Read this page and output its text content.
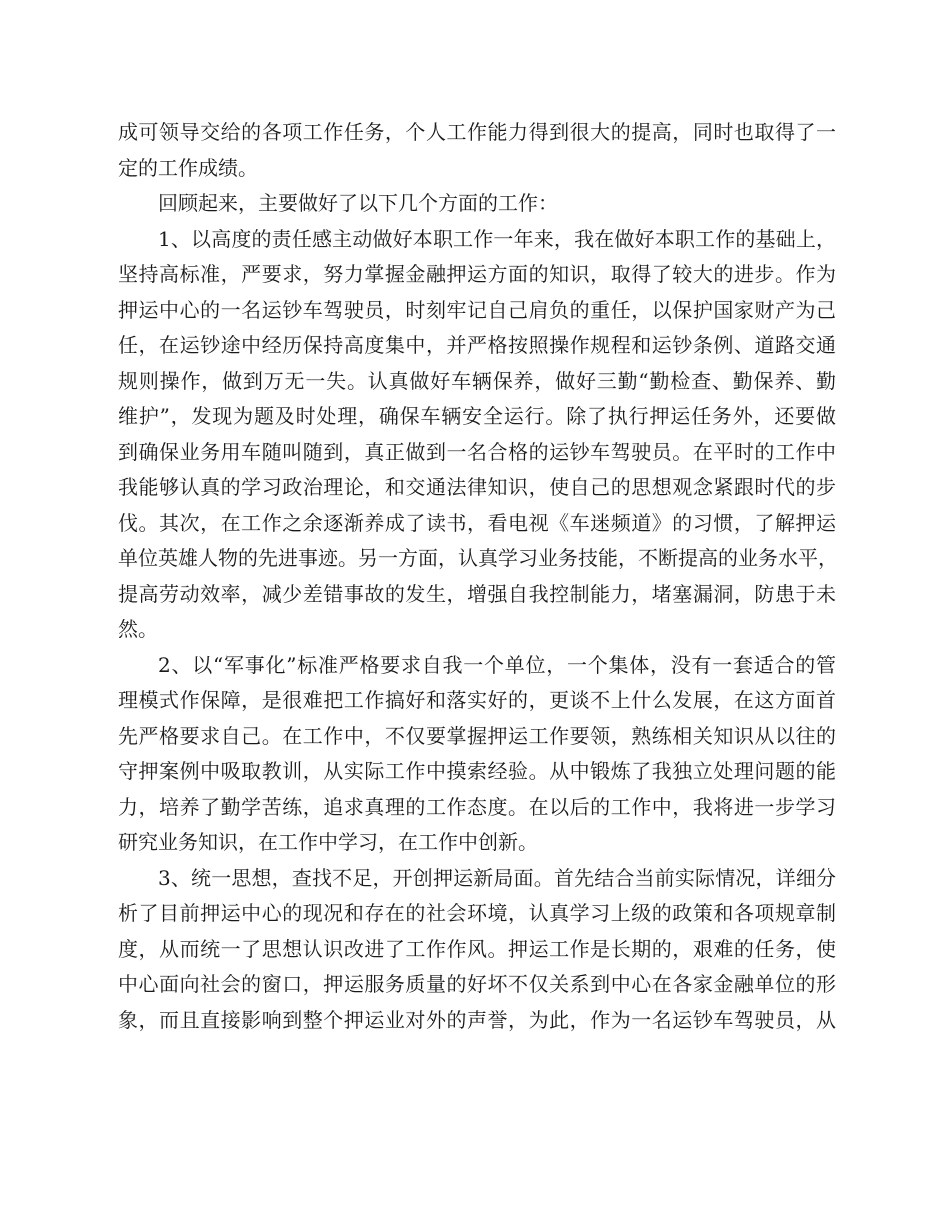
成可领导交给的各项工作任务，个人工作能力得到很大的提高，同时也取得了一
定的工作成绩。
回顾起来，主要做好了以下几个方面的工作：
1、以高度的责任感主动做好本职工作一年来，我在做好本职工作的基础上，
坚持高标准，严要求，努力掌握金融押运方面的知识，取得了较大的进步。作为
押运中心的一名运钞车驾驶员，时刻牢记自己肩负的重任，以保护国家财产为己
任，在运钞途中经历保持高度集中，并严格按照操作规程和运钞条例、道路交通
规则操作，做到万无一失。认真做好车辆保养，做好三勤“勤检查、勤保养、勤
维护”，发现为题及时处理，确保车辆安全运行。除了执行押运任务外，还要做
到确保业务用车随叫随到，真正做到一名合格的运钞车驾驶员。在平时的工作中
我能够认真的学习政治理论，和交通法律知识，使自己的思想观念紧跟时代的步
伐。其次，在工作之余逐渐养成了读书，看电视《车迷频道》的习惯，了解押运
单位英雄人物的先进事迹。另一方面，认真学习业务技能，不断提高的业务水平，
提高劳动效率，减少差错事故的发生，增强自我控制能力，堵塞漏洞，防患于未
然。
2、以“军事化”标准严格要求自我一个单位，一个集体，没有一套适合的管
理模式作保障，是很难把工作搞好和落实好的，更谈不上什么发展，在这方面首
先严格要求自己。在工作中，不仅要掌握押运工作要领，熟练相关知识从以往的
守押案例中吸取教训，从实际工作中摸索经验。从中锻炼了我独立处理问题的能
力，培养了勤学苦练，追求真理的工作态度。在以后的工作中，我将进一步学习
研究业务知识，在工作中学习，在工作中创新。
3、统一思想，查找不足，开创押运新局面。首先结合当前实际情况，详细分
析了目前押运中心的现况和存在的社会环境，认真学习上级的政策和各项规章制
度，从而统一了思想认识改进了工作作风。押运工作是长期的，艰难的任务，使
中心面向社会的窗口，押运服务质量的好坏不仅关系到中心在各家金融单位的形
象，而且直接影响到整个押运业对外的声誉，为此，作为一名运钞车驾驶员，从
